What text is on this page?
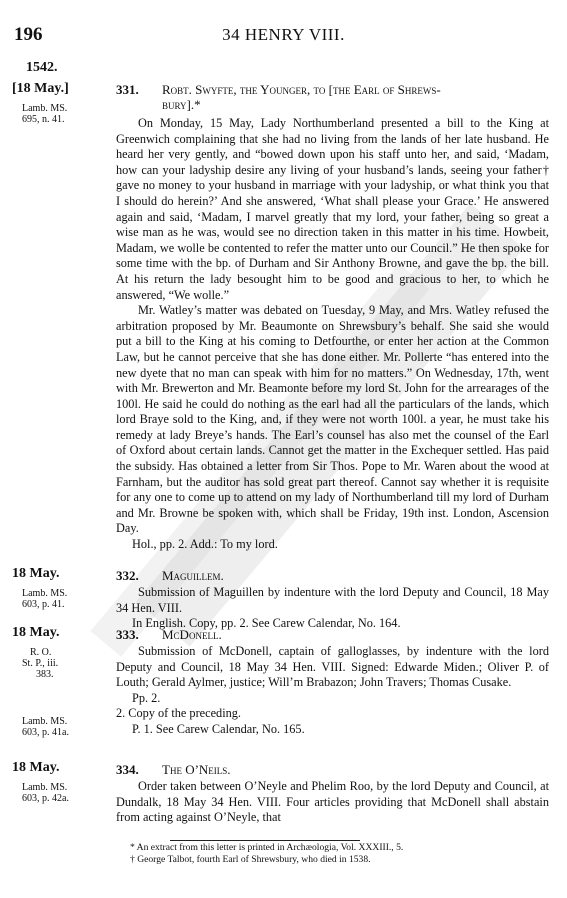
196	34 HENRY VIII.
1542.
[18 May.]
Lamb. MS.
695, n. 41.
331. Robt. Swyfte, the Younger, to [the Earl of Shrews-
bury].*

On Monday, 15 May, Lady Northumberland presented a bill to the King at Greenwich complaining that she had no living from the lands of her late husband. He heard her very gently, and “bowed down upon his staff unto her, and said, ‘Madam, how can your ladyship desire any living of your husband’s lands, seeing your father† gave no money to your husband in marriage with your ladyship, or what think you that I should do herein?’ And she answered, ‘What shall please your Grace.’ He answered again and said, ‘Madam, I marvel greatly that my lord, your father, being so great a wise man as he was, would see no direction taken in this matter in his time. Howbeit, Madam, we wolle be contented to refer the matter unto our Council.” He then spoke for some time with the bp. of Durham and Sir Anthony Browne, and gave the bp. the bill. At his return the lady besought him to be good and gracious to her, to which he answered, “We wolle.”

Mr. Watley’s matter was debated on Tuesday, 9 May, and Mrs. Watley refused the arbitration proposed by Mr. Beaumonte on Shrewsbury’s behalf. She said she would put a bill to the King at his coming to Detfourthe, or enter her action at the Common Law, but he cannot perceive that she has done either. Mr. Pollerte “has entered into the new dyete that no man can speak with him for no matters.” On Wednesday, 17th, went with Mr. Brewerton and Mr. Beamonte before my lord St. John for the arrearages of the 100l. He said he could do nothing as the earl had all the particulars of the lands, which lord Braye sold to the King, and, if they were not worth 100l. a year, he must take his remedy at lady Breye’s hands. The Earl’s counsel has also met the counsel of the Earl of Oxford about certain lands. Cannot get the matter in the Exchequer settled. Has paid the subsidy. Has obtained a letter from Sir Thos. Pope to Mr. Waren about the wood at Farnham, but the auditor has sold great part thereof. Cannot say whether it is requisite for any one to come up to attend on my lady of Northumberland till my lord of Durham and Mr. Browne be spoken with, which shall be Friday, 19th inst. London, Ascension Day.

Hol., pp. 2. Add.: To my lord.
18 May.
Lamb. MS.
603, p. 41.
332. Maguillem.

Submission of Maguillen by indenture with the lord Deputy and Council, 18 May 34 Hen. VIII.

In English. Copy, pp. 2. See Carew Calendar, No. 164.
18 May.
R. O.
St. P., iii.
383.
333. McDonell.

Submission of McDonell, captain of galloglasses, by indenture with the lord Deputy and Council, 18 May 34 Hen. VIII. Signed: Edwarde Miden.; Oliver P. of Louth; Gerald Aylmer, justice; Will’m Brabazon; John Travers; Thomas Cusake.

Pp. 2.
2. Copy of the preceding.
P. 1. See Carew Calendar, No. 165.
Lamb. MS.
603, p. 41a.
18 May.
Lamb. MS.
603, p. 42a.
334. The O’Neils.

Order taken between O’Neyle and Phelim Roo, by the lord Deputy and Council, at Dundalk, 18 May 34 Hen. VIII. Four articles providing that McDonell shall abstain from acting against O’Neyle, that

* An extract from this letter is printed in Archæologia, Vol. XXXIII., 5.
† George Talbot, fourth Earl of Shrewsbury, who died in 1538.
